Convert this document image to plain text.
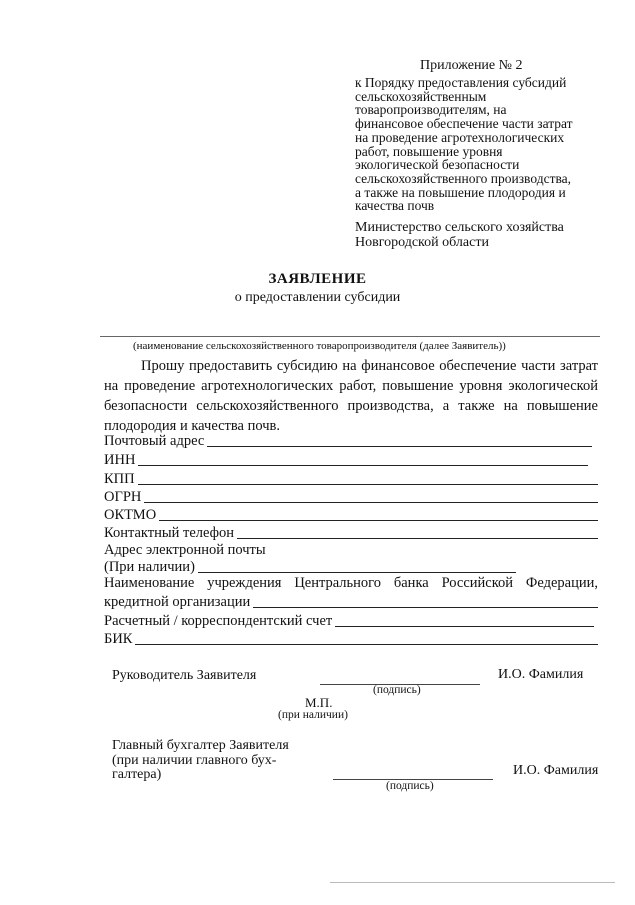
Приложение № 2
к Порядку предоставления субсидий
сельскохозяйственным
товаропроизводителям, на
финансовое обеспечение части затрат
на проведение агротехнологических
работ, повышение уровня
экологической безопасности
сельскохозяйственного производства,
а также на повышение плодородия и
качества почв
Министерство сельского хозяйства
Новгородской области
ЗАЯВЛЕНИЕ
о предоставлении субсидии
(наименование сельскохозяйственного товаропроизводителя (далее Заявитель))
Прошу предоставить субсидию на финансовое обеспечение части затрат на проведение агротехнологических работ, повышение уровня экологической безопасности сельскохозяйственного производства, а также на повышение плодородия и качества почв.
Почтовый адрес
ИНН
КПП
ОГРН
ОКТМО
Контактный телефон
Адрес электронной почты
(При наличии)
Наименование учреждения Центрального банка Российской Федерации,
кредитной организации
Расчетный / корреспондентский счет
БИК
Руководитель Заявителя	И.О. Фамилия
(подпись)
М.П.
(при наличии)
Главный бухгалтер Заявителя
(при наличии главного бух-
галтера)	И.О. Фамилия
(подпись)
